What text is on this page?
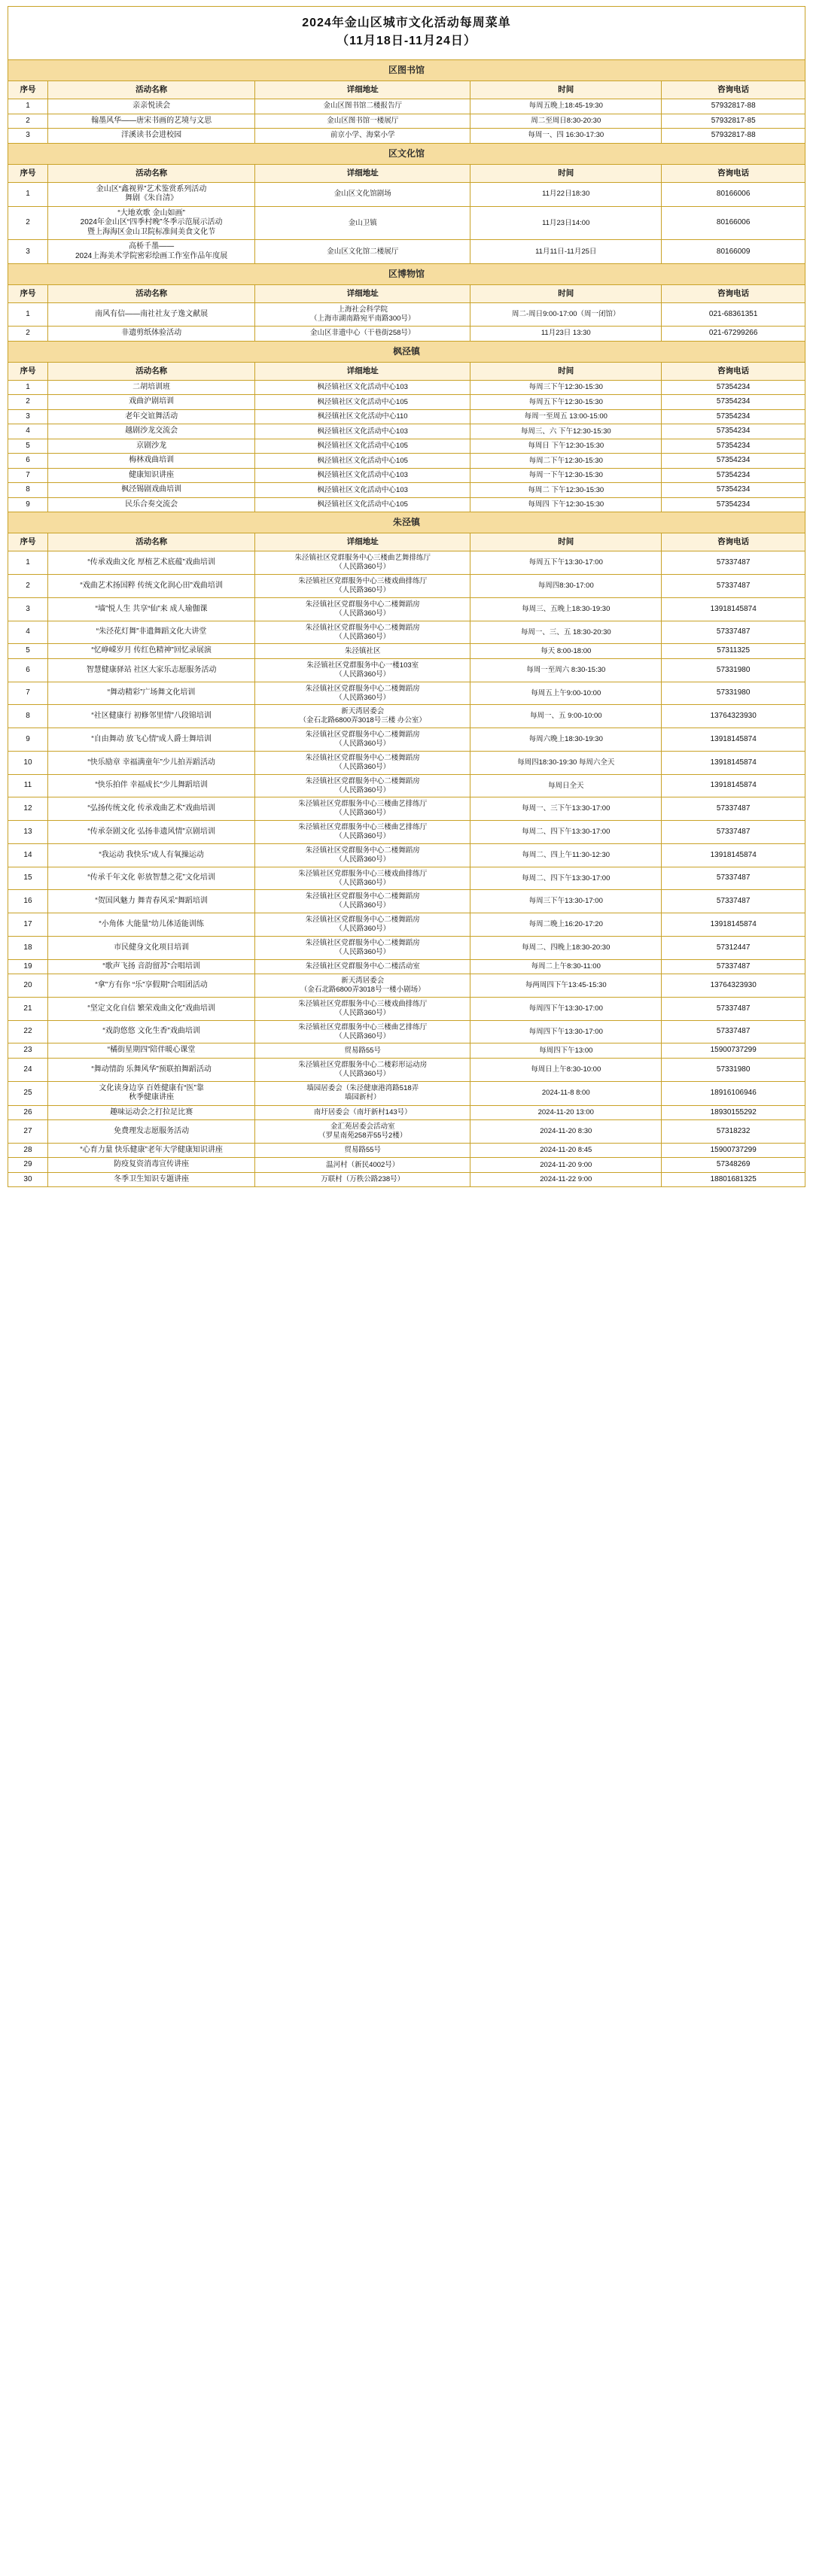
2024年金山区城市文化活动每周菜单
（11月18日-11月24日）				

区图书馆				
序号	活动名称	详细地址	时间	咨询电话
1	亲亲悦读会	金山区图书馆二楼报告厅	每周五晚上18:45-19:30	57932817-88
2	翰墨风华——唐宋书画的艺境与文思	金山区图书馆一楼展厅	周二至周日8:30-20:30	57932817-85
3	洋溪读书会进校园	前京小学、海棠小学	每周一、四 16:30-17:30	57932817-88
区文化馆				
序号	活动名称	详细地址	时间	咨询电话
1	金山区“鑫视界”艺术鉴赏系列活动
舞剧《朱自清》	金山区文化馆剧场	11月22日18:30	80166006
2	“大地欢歌 金山如画”
2024年金山区“四季村晚”冬季示范展示活动
暨上海海区金山卫院标准间美食文化节	金山卫镇	11月23日14:00	80166006
3	高桥千墨——
2024上海美术学院密彩绘画工作室作品年度展	金山区文化馆二楼展厅	11月11日-11月25日	80166009
区博物馆				
序号	活动名称	详细地址	时间	咨询电话
1	南风有信——南社社友子逸文献展	上海社会科学院
（上海市湖南路宛平南路300号）	周二-周日9:00-17:00（周一闭馆）	021-68361351
2	非遗剪纸体验活动	金山区非遗中心（干巷街258号）	11月23日 13:30	021-67299266
枫泾镇				
序号	活动名称	详细地址	时间	咨询电话
1	二胡培训班	枫泾镇社区文化活动中心103	每周三下午12:30-15:30	57354234
2	戏曲沪剧培训	枫泾镇社区文化活动中心105	每周五下午12:30-15:30	57354234
3	老年交谊舞活动	枫泾镇社区文化活动中心110	每周一至周五 13:00-15:00	57354234
4	越剧沙龙交流会	枫泾镇社区文化活动中心103	每周三、六 下午12:30-15:30	57354234
5	京剧沙龙	枫泾镇社区文化活动中心105	每周日 下午12:30-15:30	57354234
6	梅林戏曲培训	枫泾镇社区文化活动中心105	每周二下午12:30-15:30	57354234
7	健康知识讲座	枫泾镇社区文化活动中心103	每周一下午12:30-15:30	57354234
8	枫泾锡剧戏曲培训	枫泾镇社区文化活动中心103	每周二 下午12:30-15:30	57354234
9	民乐合奏交流会	枫泾镇社区文化活动中心105	每周四 下午12:30-15:30	57354234
朱泾镇				
序号	活动名称	详细地址	时间	咨询电话
1	“传承戏曲文化 厚植艺术底蕴”戏曲培训	朱泾镇社区党群服务中心三楼曲艺舞排练厅
（人民路360号）	每周五下午13:30-17:00	57337487
2	“戏曲艺术扬国粹 传统文化润心田”戏曲培训	朱泾镇社区党群服务中心三楼戏曲排练厅
（人民路360号）	每周四8:30-17:00	57337487
3	“墙”悦人生 共享“仙”来 成人瑜伽课	朱泾镇社区党群服务中心二楼舞蹈房
（人民路360号）	每周三、五晚上18:30-19:30	13918145874
4	“朱泾花灯舞”非遗舞蹈文化大讲堂	朱泾镇社区党群服务中心二楼舞蹈房
（人民路360号）	每周一、三、五 18:30-20:30	57337487
5	“忆峥嵘岁月 传红色精神”回忆录展演	朱泾镇社区	每天 8:00-18:00	57311325
6	智慧健康驿站 社区大家乐志愿服务活动	朱泾镇社区党群服务中心一楼103室
（人民路360号）	每周一至周六 8:30-15:30	57331980
7	“舞动精彩”广场舞文化培训	朱泾镇社区党群服务中心二楼舞蹈房
（人民路360号）	每周五上午9:00-10:00	57331980
8	“社区健康行 初修邻里情”八段锦培训	新天湾居委会
（金石北路6800弄3018号三楼 办公室）	每周一、五 9:00-10:00	13764323930
9	“自由舞动 放飞心情”成人爵士舞培训	朱泾镇社区党群服务中心二楼舞蹈房
（人民路360号）	每周六晚上18:30-19:30	13918145874
10	“快乐励章 幸福满童年”少儿拍弄蹈活动	朱泾镇社区党群服务中心二楼舞蹈房
（人民路360号）	每周四18:30-19:30 每周六全天	13918145874
11	“快乐拍伴 幸福成长”少儿舞蹈培训	朱泾镇社区党群服务中心二楼舞蹈房
（人民路360号）	每周日全天	13918145874
12	“弘扬传统文化 传承戏曲艺术”戏曲培训	朱泾镇社区党群服务中心三楼曲艺排练厅
（人民路360号）	每周一、三下午13:30-17:00	57337487
13	“传承奈剧文化 弘扬非遗风情”京剧培训	朱泾镇社区党群服务中心三楼曲艺排练厅
（人民路360号）	每周二、四下午13:30-17:00	57337487
14	“我运动 我快乐”成人有氧操运动	朱泾镇社区党群服务中心二楼舞蹈房
（人民路360号）	每周二、四上午11:30-12:30	13918145874
15	“传承千年文化 彰放智慧之花”文化培训	朱泾镇社区党群服务中心三楼戏曲排练厅
（人民路360号）	每周二、四下午13:30-17:00	57337487
16	“贺国风魅力 舞青春风采”舞蹈培训	朱泾镇社区党群服务中心二楼舞蹈房
（人民路360号）	每周三下午13:30-17:00	57337487
17	“小角体 大能量”幼儿体适能训练	朱泾镇社区党群服务中心二楼舞蹈房
（人民路360号）	每周二晚上16:20-17:20	13918145874
18	市民健身文化项目培训	朱泾镇社区党群服务中心二楼舞蹈房
（人民路360号）	每周二、四晚上18:30-20:30	57312447
19	“歌声飞扬 音韵留苏”合唱培训	朱泾镇社区党群服务中心二楼活动室	每周二上午8:30-11:00	57337487
20	“拿”方有你 “乐”享假期”合唱团活动	新天湾居委会
（金石北路6800弄3018号一楼小剧场）	每两周四下午13:45-15:30	13764323930
21	“坚定文化自信 繁荣戏曲文化”戏曲培训	朱泾镇社区党群服务中心三楼戏曲排练厅
（人民路360号）	每周四下午13:30-17:00	57337487
22	“戏韵悠悠 文化生香”戏曲培训	朱泾镇社区党群服务中心三楼曲艺排练厅
（人民路360号）	每周四下午13:30-17:00	57337487
23	“橘街星期四”陪伴暖心课堂	贸易路55号	每周四下午13:00	15900737299
24	“舞动情韵 乐舞风华”预联拍舞蹈活动	朱泾镇社区党群服务中心二楼彩形运动房
（人民路360号）	每周日上午8:30-10:00	57331980
25	文化读身边享 百姓健康有“医”靠
秋季健康讲座	墙园居委会（朱泾健康港湾路518弄
墙园新村）	2024-11-8 8:00	18916106946
26	趣味运动会之打拉足比赛	南圩居委会（南圩新村143号）	2024-11-20 13:00	18930155292
27	免费理发志愿服务活动	金汇苑居委会活动室
（罗星南苑258弄55号2楼）	2024-11-20 8:30	57318232
28	“心育力量 快乐健康”老年大学健康知识讲座	贸易路55号	2024-11-20 8:45	15900737299
29	防疫复资消毒宣传讲座	温河村（新民4002号）	2024-11-20 9:00	57348269
30	冬季卫生知识专题讲座	万联村（万秩公路238号）	2024-11-22 9:00	18801681325
